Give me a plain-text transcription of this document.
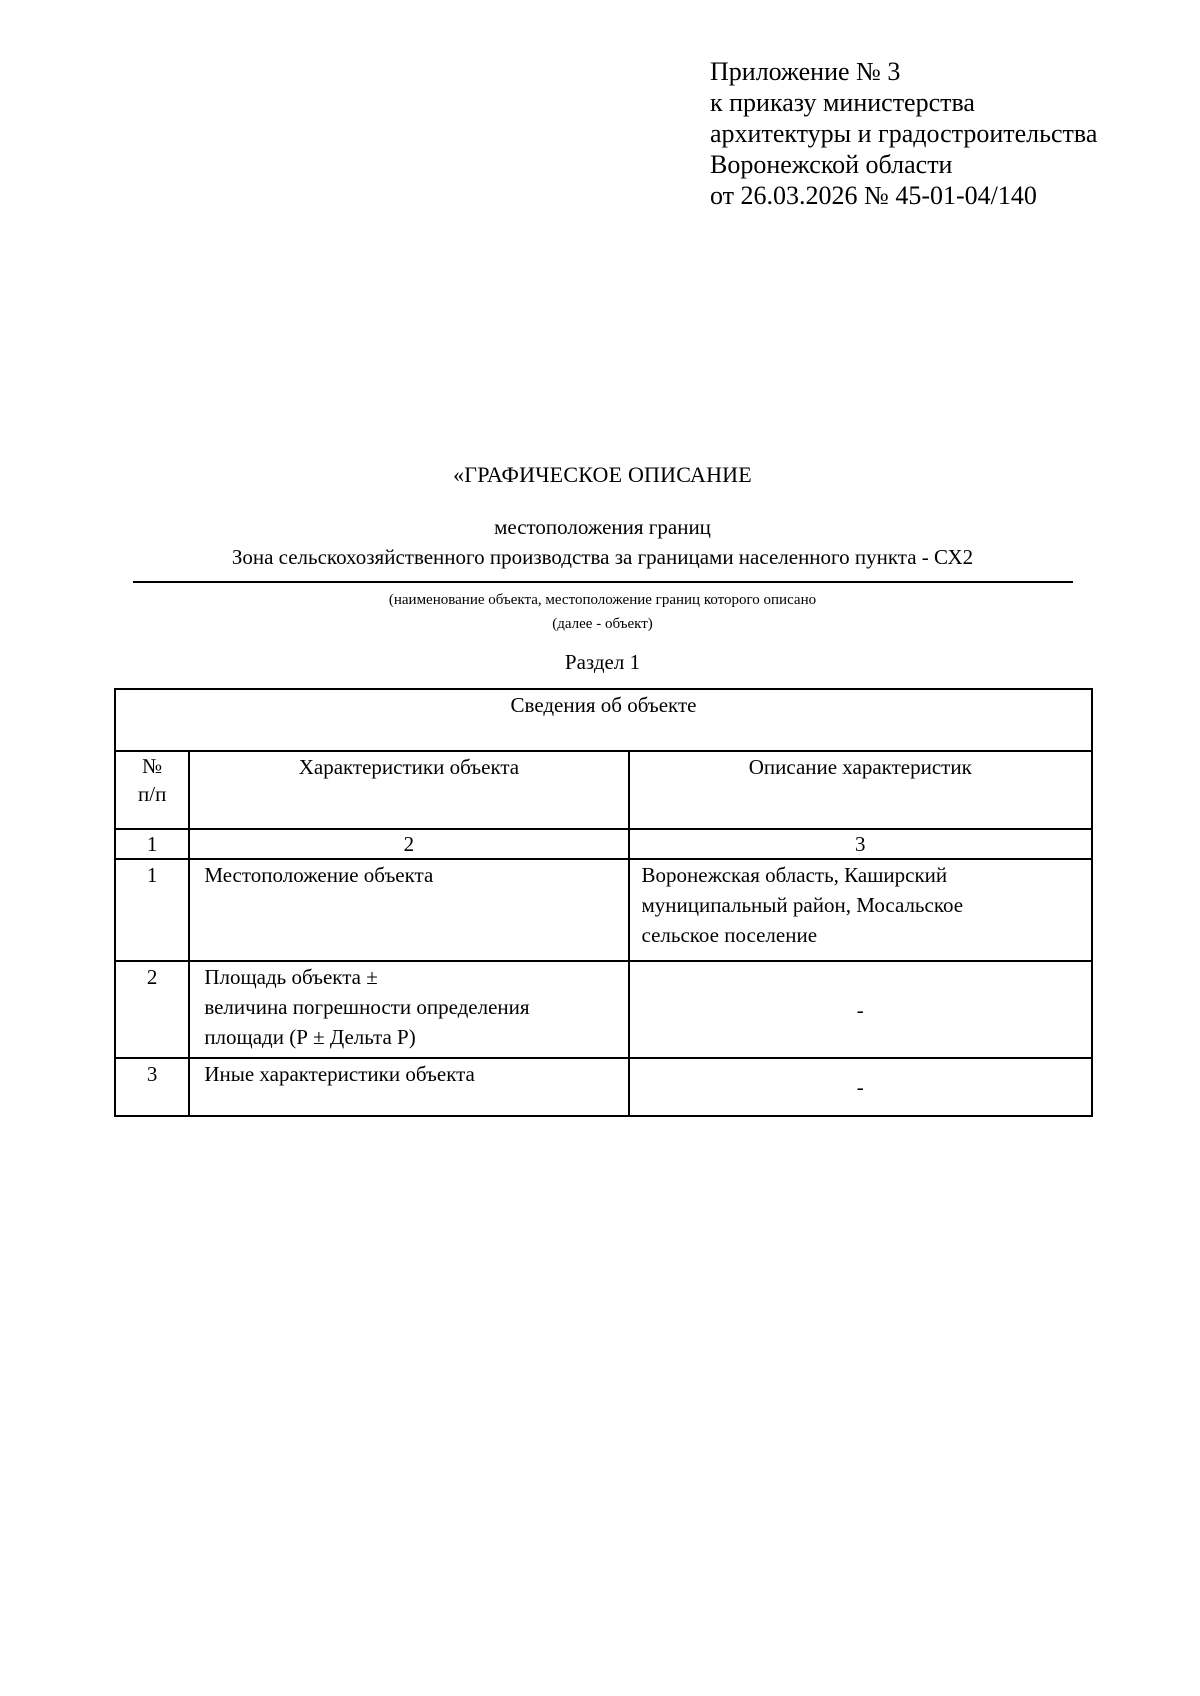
Приложение № 3
к приказу министерства
архитектуры и градостроительства
Воронежской области
от 26.03.2026 № 45-01-04/140
«ГРАФИЧЕСКОЕ ОПИСАНИЕ
местоположения границ
Зона сельскохозяйственного производства за границами населенного пункта - СХ2
(наименование объекта, местоположение границ которого описано
(далее - объект)
Раздел 1
Сведения об объекте		

№
п/п	Характеристики объекта	Описание характеристик
1	2	3
1	Местоположение объекта	Воронежская область, Каширский
муниципальный район, Мосальское
сельское поселение

2	Площадь объекта ±
величина погрешности определения
площади (Р ± Дельта Р)	-
3	Иные характеристики объекта	-
